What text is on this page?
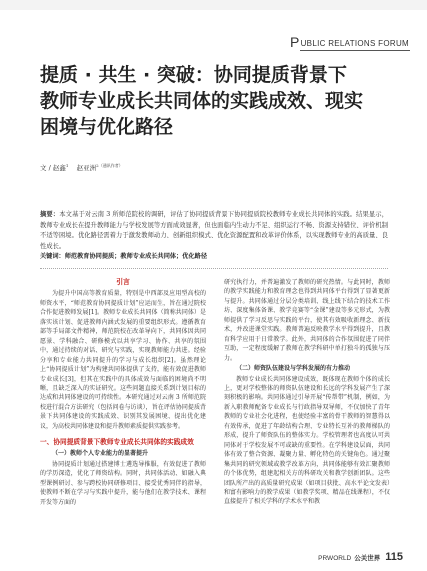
P UBLIC RELATIONS FORUM
提质 · 共生 · 突破：协同提质背景下
教师专业成长共同体的实践成效、现实
困境与优化路径
文 / 赵鑫$^1$ 赵亚洲$^{2(通讯作者)}$

摘要：本文基于对云南 3 所师范院校的调研，评估了协同提质背景下协同提质院校教师专业成长共同体的实践。结果显示，教师专业成长在提升教师能力与学校发展等方面成效显著，但也面临内生动力不足、组织运行不畅、资源支持错位、评价机制不适等困境。优化路径需着力于激发教师动力、创新组织模式、优化资源配置和改革评价体系，以实现教师专业的高质量、良性成长。

关键词：师范教育协同提质；教师专业成长共同体；优化路径

引言

为提升中国高等教育质量，特别是中西部及应用型高校的师资水平，“师范教育协同提质计划”应运而生，旨在通过院校合作促进教师发展[1]。教师专业成长共同体（简称共同体）是落实该计划、促进教师内涵式发展的重要组织形式。遵循教育部等手局部文件精神，师范院校在改革导向下，共同体因共同愿景、学科融合、研修模式以共享学习、协作、共享的氛围中，通过持续的对话、研究与实践，实现教师能力共进。经验分享和专业能力共同提升的学习与成长组织[2]。虽然理论上“协同提质计划”为构建共同体提供了支持，能有效促进教师专业成长[3]，但其在实践中的具体成效与面临的困境尚不明晰，且缺乏深入的实证研究。这些问题直接关系到计划目标的达成和共同体建设的可持续性。本研究通过对云南 3 所师范院校进行混合方法研究（包括问卷与访谈），旨在评估协同提质背景下共同体建设的实践成效、识别其发展困境、提出优化建议，为高校共同体建设和提升教师素质提供实践参考。

一、协同提质背景下教师专业成长共同体的实践成效

（一）教师个人专业能力的显著提升

协同提质计划通过搭建博士遴选导推服，有效促进了教师的学历深造，优化了师资结构。同时，共同体活动、如融入典型课例研讨、参与跨校协同研修项目、接受优秀同伴的指导，使教师不断在学习与实践中提升，能与他们在教学技术、课程开发等方面的

研究执行力，并普遍激发了教师的研究热情。与此同时，教师的教学实践能力和教育理念也得到共同体平台得到了显著更新与提升。共同体通过分层分类培训、线上线下结合的技术工作坊、深度集体备课、教学竞赛等“金课”建设等多元形式，为教师提供了学习反思与实践的平台，使其有效吸收新理念、新技术，并改进课堂实践。教师普遍反映教学水平得到提升，且教育科学应用于日常教学。此外，共同体的合作氛围促进了同伴互助，一定程度缓解了教师在教学科研中单打独斗的孤独与压力。

（二）师资队伍建设与学科发展的有力推动

教师专业成长共同体建设成效，既体现在教师个体的成长上，更对学校整体的师资队伍建设和长远的学科发展产生了深刻积极的影响。共同体通过引导开展“传帮带”机制，例如，为新入职教师配备专业成长与行政指导双导师，不仅加快了青年教师的专业社会化进程，也使经验丰富的骨干教师的智慧得以有效传承，促进了年龄结构合理、专业特长互补的教师梯队的形成，提升了师资队伍的整体实力。学校管理者也高度认可共同体对于学校发展不可或缺的重要性。在学科建设层面，共同体有效了整合资源、凝聚力量、孵化特色的关键角色。通过聚集共同的研究领域或教学改革方向，共同体能够有效汇聚教师的个体优势，组建起相关方的科研攻关和教学创新团队。这些团队所产出的高质量研究成果（如项目获批、高水平论文发表）和富有影响力的教学成果（如教学奖项、精品在线课程），不仅直接提升了相关学科的学术水平和教

PRWORLD 公关世界 115
